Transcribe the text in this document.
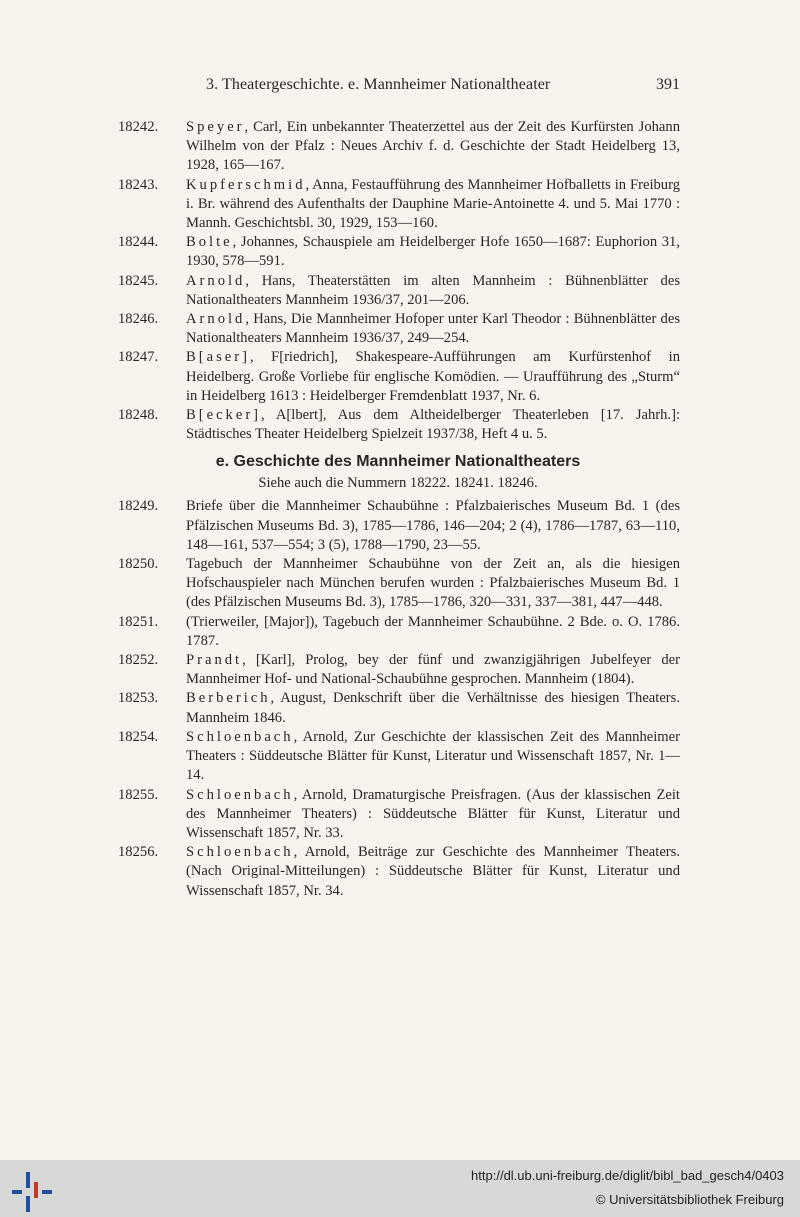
3. Theatergeschichte. e. Mannheimer Nationaltheater	391
18242. Speyer, Carl, Ein unbekannter Theaterzettel aus der Zeit des Kurfürsten Johann Wilhelm von der Pfalz : Neues Archiv f. d. Geschichte der Stadt Heidelberg 13, 1928, 165—167.
18243. Kupferschmid, Anna, Festaufführung des Mannheimer Hofballetts in Freiburg i. Br. während des Aufenthalts der Dauphine Marie-Antoinette 4. und 5. Mai 1770 : Mannh. Geschichtsbl. 30, 1929, 153—160.
18244. Bolte, Johannes, Schauspiele am Heidelberger Hofe 1650—1687: Euphorion 31, 1930, 578—591.
18245. Arnold, Hans, Theaterstätten im alten Mannheim : Bühnenblätter des Nationaltheaters Mannheim 1936/37, 201—206.
18246. Arnold, Hans, Die Mannheimer Hofoper unter Karl Theodor : Bühnenblätter des Nationaltheaters Mannheim 1936/37, 249—254.
18247. B[aser], F[riedrich], Shakespeare-Aufführungen am Kurfürstenhof in Heidelberg. Große Vorliebe für englische Komödien. — Uraufführung des „Sturm“ in Heidelberg 1613 : Heidelberger Fremdenblatt 1937, Nr. 6.
18248. B[ecker], A[lbert], Aus dem Altheidelberger Theaterleben [17. Jahrh.]: Städtisches Theater Heidelberg Spielzeit 1937/38, Heft 4 u. 5.
e. Geschichte des Mannheimer Nationaltheaters
Siehe auch die Nummern 18222. 18241. 18246.
18249. Briefe über die Mannheimer Schaubühne : Pfalzbaierisches Museum Bd. 1 (des Pfälzischen Museums Bd. 3), 1785—1786, 146—204; 2 (4), 1786—1787, 63—110, 148—161, 537—554; 3 (5), 1788—1790, 23—55.
18250. Tagebuch der Mannheimer Schaubühne von der Zeit an, als die hiesigen Hofschauspieler nach München berufen wurden : Pfalzbaierisches Museum Bd. 1 (des Pfälzischen Museums Bd. 3), 1785—1786, 320—331, 337—381, 447—448.
18251. (Trierweiler, [Major]), Tagebuch der Mannheimer Schaubühne. 2 Bde. o. O. 1786. 1787.
18252. Prandt, [Karl], Prolog, bey der fünf und zwanzigjährigen Jubelfeyer der Mannheimer Hof- und National-Schaubühne gesprochen. Mannheim (1804).
18253. Berberich, August, Denkschrift über die Verhältnisse des hiesigen Theaters. Mannheim 1846.
18254. Schloenbach, Arnold, Zur Geschichte der klassischen Zeit des Mannheimer Theaters : Süddeutsche Blätter für Kunst, Literatur und Wissenschaft 1857, Nr. 1—14.
18255. Schloenbach, Arnold, Dramaturgische Preisfragen. (Aus der klassischen Zeit des Mannheimer Theaters) : Süddeutsche Blätter für Kunst, Literatur und Wissenschaft 1857, Nr. 33.
18256. Schloenbach, Arnold, Beiträge zur Geschichte des Mannheimer Theaters. (Nach Original-Mitteilungen) : Süddeutsche Blätter für Kunst, Literatur und Wissenschaft 1857, Nr. 34.
http://dl.ub.uni-freiburg.de/diglit/bibl_bad_gesch4/0403
© Universitätsbibliothek Freiburg
